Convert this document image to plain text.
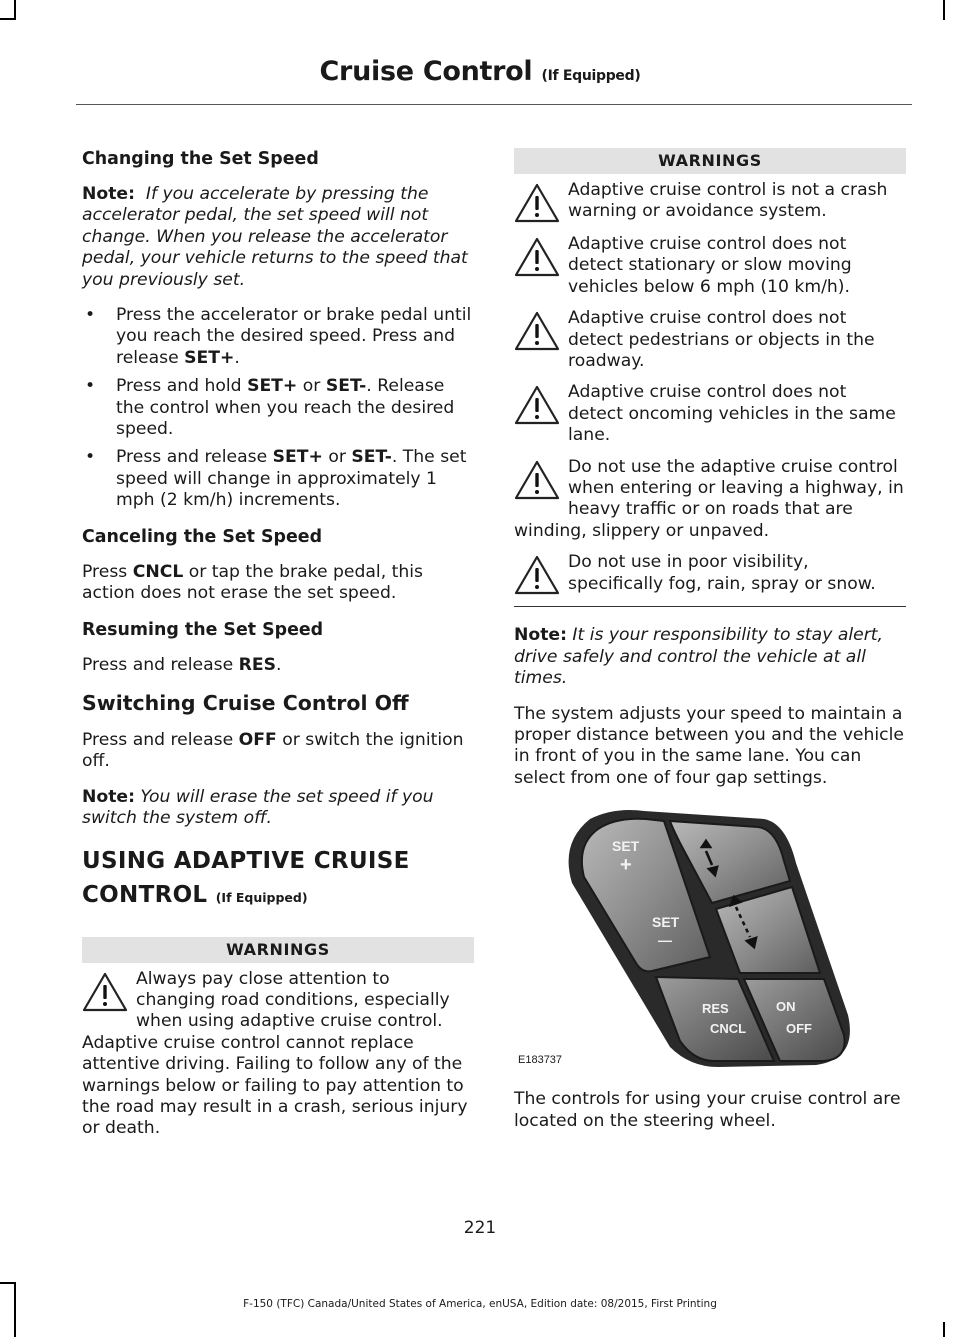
Cruise Control (If Equipped)
Changing the Set Speed

Note: If you accelerate by pressing the accelerator pedal, the set speed will not change. When you release the accelerator pedal, your vehicle returns to the speed that you previously set.

• Press the accelerator or brake pedal until you reach the desired speed. Press and release SET+.
• Press and hold SET+ or SET-. Release the control when you reach the desired speed.
• Press and release SET+ or SET-. The set speed will change in approximately 1 mph (2 km/h) increments.
Canceling the Set Speed

Press CNCL or tap the brake pedal, this action does not erase the set speed.

Resuming the Set Speed

Press and release RES.

Switching Cruise Control Off

Press and release OFF or switch the ignition off.

Note: You will erase the set speed if you switch the system off.

USING ADAPTIVE CRUISE
CONTROL (If Equipped)
WARNINGS
Always pay close attention to changing road conditions, especially when using adaptive cruise control. Adaptive cruise control cannot replace attentive driving. Failing to follow any of the warnings below or failing to pay attention to the road may result in a crash, serious injury or death.
WARNINGS
Adaptive cruise control is not a crash warning or avoidance system.
Adaptive cruise control does not detect stationary or slow moving vehicles below 6 mph (10 km/h).
Adaptive cruise control does not detect pedestrians or objects in the roadway.
Adaptive cruise control does not detect oncoming vehicles in the same lane.
Do not use the adaptive cruise control when entering or leaving a highway, in heavy traffic or on roads that are winding, slippery or unpaved.
Do not use in poor visibility, specifically fog, rain, spray or snow.

Note: It is your responsibility to stay alert, drive safely and control the vehicle at all times.

The system adjusts your speed to maintain a proper distance between you and the vehicle in front of you in the same lane. You can select from one of four gap settings.

SET
+
SET
—
RES
CNCL
ON
OFF
E183737

The controls for using your cruise control are located on the steering wheel.

221
F-150 (TFC) Canada/United States of America, enUSA, Edition date: 08/2015, First Printing
